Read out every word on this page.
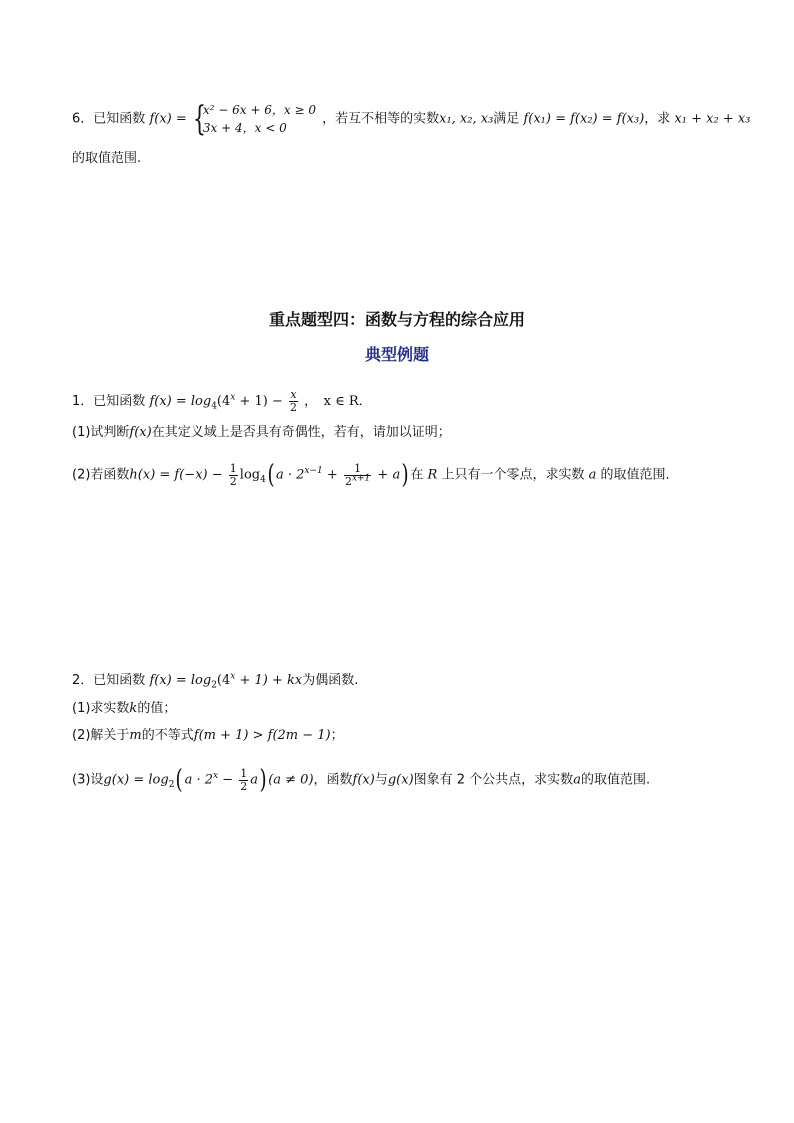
6．已知函数 f(x) = {
x² − 6x + 6，x ≥ 0
3x + 4，x < 0
，若互不相等的实数x₁, x₂, x₃满足 f(x₁) = f(x₂) = f(x₃)，求 x₁ + x₂ + x₃
的取值范围.
重点题型四：函数与方程的综合应用
典型例题
1．已知函数 $f(x) = \log_4(4^x + 1) - \frac{x}{2}$ ，　x ∈ R．
(1)试判断f(x)在其定义域上是否具有奇偶性，若有，请加以证明；
(2)若函数$h(x) = f(-x) - \frac{1}{2} \log_4$( $a \cdot 2^{x-1} + \frac{1}{2^{x+1}} + a$) 在 R 上只有一个零点，求实数 a 的取值范围．
2．已知函数 $f(x) = \log_2(4^x + 1)$ + kx为偶函数.
(1)求实数k的值；
(2)解关于m的不等式f(m + 1) > f(2m − 1)；
(3)设$g(x) = \log_2$( $a \cdot 2^x - \frac{1}{2} a$) (a ≠ 0)，函数f(x)与g(x)图象有 2 个公共点，求实数a的取值范围.
